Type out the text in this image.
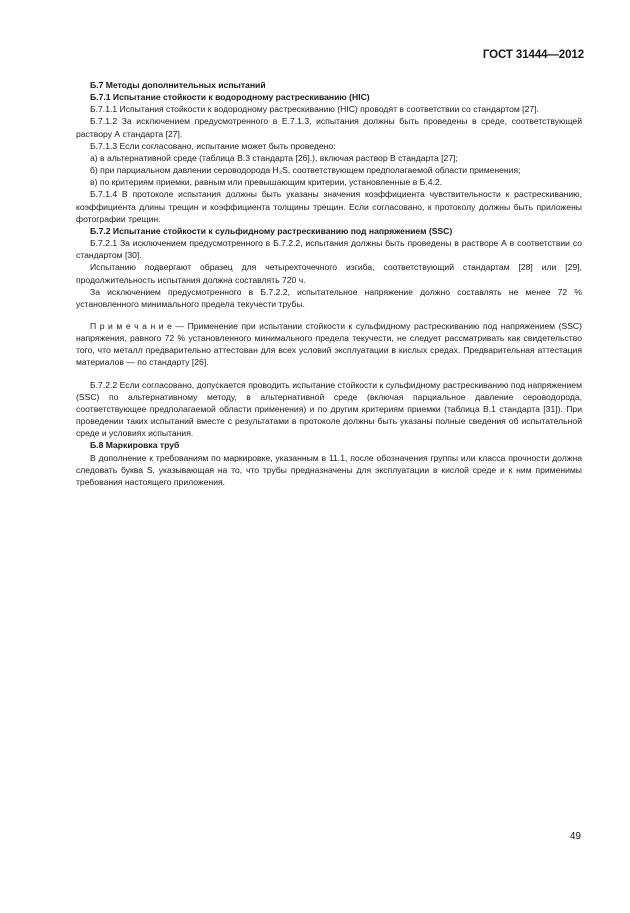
ГОСТ 31444—2012

Б.7 Методы дополнительных испытаний

Б.7.1 Испытание стойкости к водородному растрескиванию (HIC)

Б.7.1.1 Испытания стойкости к водородному растрескиванию (HIC) проводят в соответствии со стандартом [27].

Б.7.1.2 За исключением предусмотренного в Е.7.1.3, испытания должны быть проведены в среде, соответствующей раствору А стандарта [27].

Б.7.1.3 Если согласовано, испытание может быть проведено:

а) в альтернативной среде (таблица В.3 стандарта [26].), включая раствор В стандарта [27];

б) при парциальном давлении сероводорода H₂S, соответствующем предполагаемой области применения;

в) по критериям приемки, равным или превышающим критерии, установленные в Б.4.2.

Б.7.1.4 В протоколе испытания должны быть указаны значения коэффициента чувствительности к растрескиванию, коэффициента длины трещин и коэффициента толщины трещин. Если согласовано, к протоколу должны быть приложены фотографии трещин.

Б.7.2 Испытание стойкости к сульфидному растрескиванию под напряжением (SSC)

Б.7.2.1 За исключением предусмотренного в Б.7.2.2, испытания должны быть проведены в растворе А в соответствии со стандартом [30].

Испытанию подвергают образец для четырехточечного изгиба, соответствующий стандартам [28] или [29], продолжительность испытания должна составлять 720 ч.

За исключением предусмотренного в Б.7.2.2, испытательное напряжение должно составлять не менее 72 % установленного минимального предела текучести трубы.

П р и м е ч а н и е — Применение при испытании стойкости к сульфидному растрескиванию под напряжением (SSC) напряжения, равного 72 % установленного минимального предела текучести, не следует рассматривать как свидетельство того, что металл предварительно аттестован для всех условий эксплуатации в кислых средах. Предварительная аттестация материалов — по стандарту [26].

Б.7.2.2 Если согласовано, допускается проводить испытание стойкости к сульфидному растрескиванию под напряжением (SSC) по альтернативному методу, в альтернативной среде (включая парциальное давление сероводорода, соответствующее предполагаемой области применения) и по другим критериям приемки (таблица В.1 стандарта [31]). При проведении таких испытаний вместе с результатами в протоколе должны быть указаны полные сведения об испытательной среде и условиях испытания.

Б.8 Маркировка труб

В дополнение к требованиям по маркировке, указанным в 11.1, после обозначения группы или класса прочности должна следовать буква S, указывающая на то, что трубы предназначены для эксплуатации в кислой среде и к ним применимы требования настоящего приложения.

49
